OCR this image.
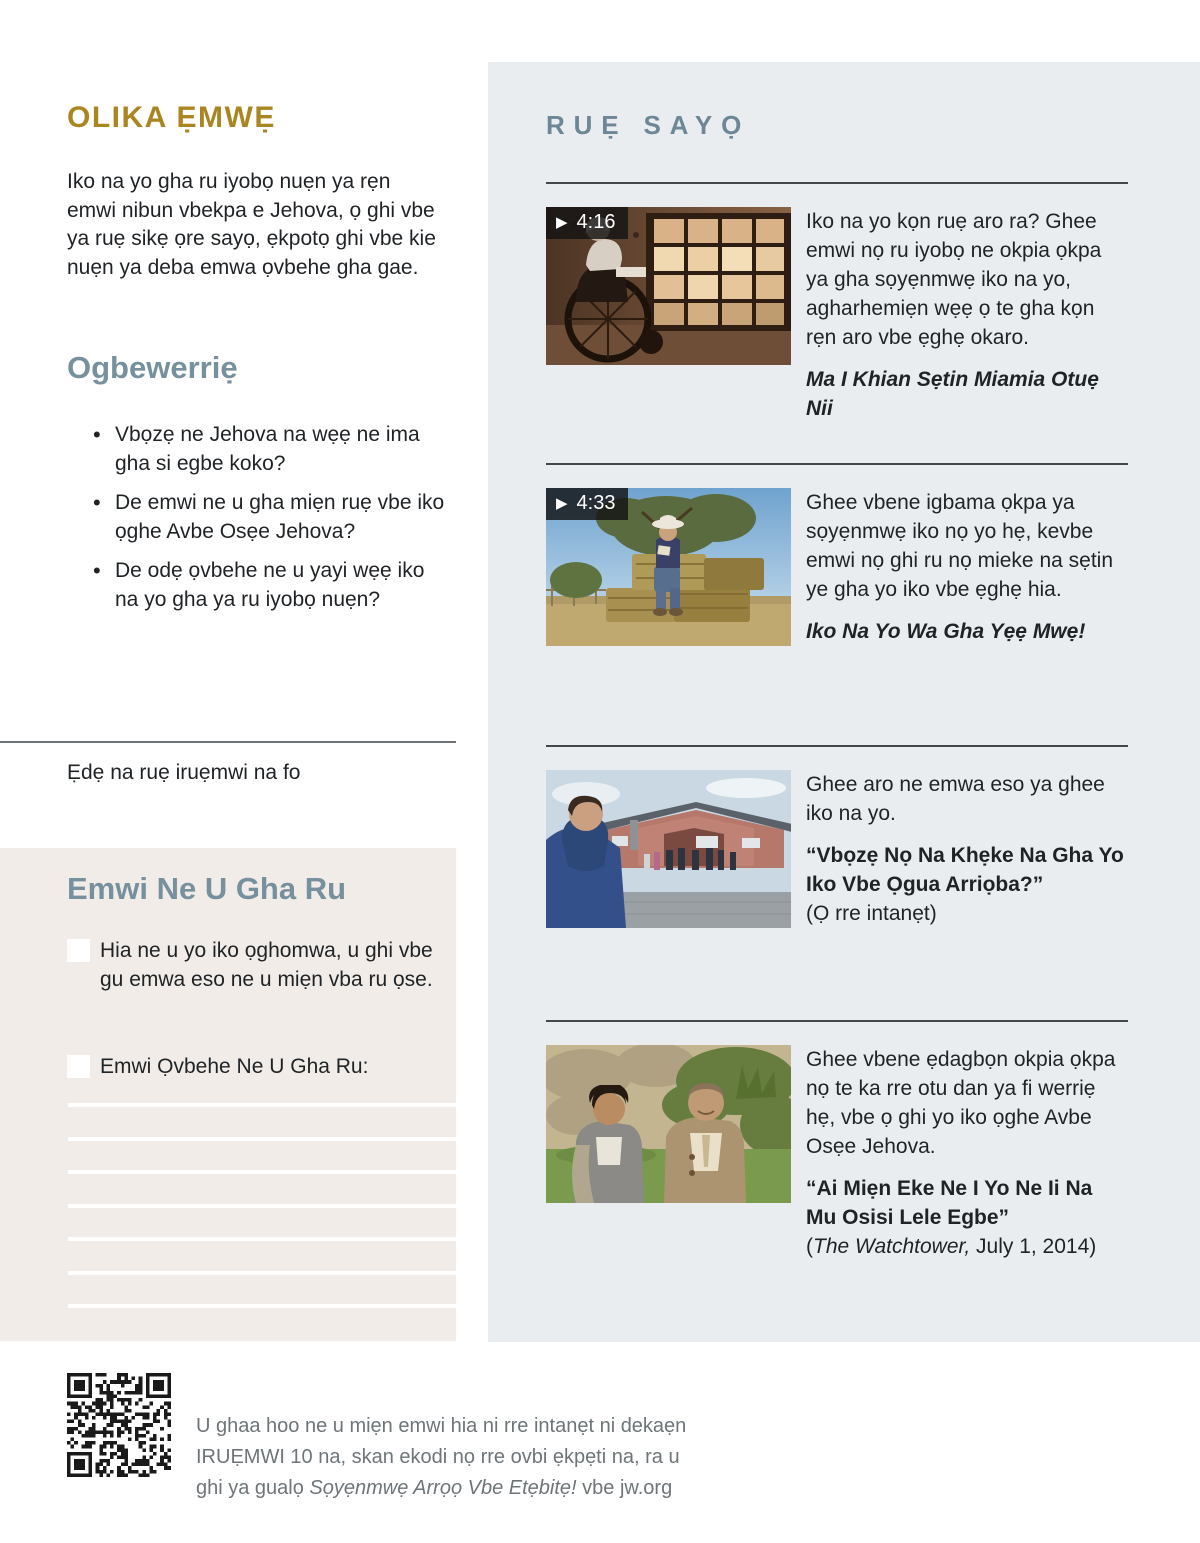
OLIKA ẸMWẸ

Iko na yo gha ru iyobọ nuẹn ya rẹn emwi nibun vbekpa e Jehova, ọ ghi vbe ya ruẹ sikẹ ọre sayọ, ẹkpotọ ghi vbe kie nuẹn ya deba emwa ọvbehe gha gae.

Ogbewerriẹ
• Vbọzẹ ne Jehova na wẹẹ ne ima gha si egbe koko?
• De emwi ne u gha miẹn ruẹ vbe iko ọghe Avbe Osẹe Jehova?
• De odẹ ọvbehe ne u yayi wẹẹ iko na yo gha ya ru iyobọ nuẹn?

Ẹdẹ na ruẹ iruẹmwi na fo

Emwi Ne U Gha Ru
Hia ne u yo iko ọghomwa, u ghi vbe gu emwa eso ne u miẹn vba ru ọse.
Emwi Ọvbehe Ne U Gha Ru:
RUẸ SAYỌ
▶ 4:16	Iko na yo kọn ruẹ aro ra? Ghee emwi nọ ru iyobọ ne okpia ọkpa ya gha sọyẹnmwẹ iko na yo, agharhemiẹn wẹẹ ọ te gha kọn rẹn aro vbe ẹghẹ okaro.

Ma I Khian Sẹtin Miamia Otuẹ Nii

▶ 4:33	Ghee vbene igbama ọkpa ya sọyẹnmwẹ iko nọ yo hẹ, kevbe emwi nọ ghi ru nọ mieke na sẹtin ye gha yo iko vbe ẹghẹ hia.

Iko Na Yo Wa Gha Yẹẹ Mwẹ!

Ghee aro ne emwa eso ya ghee iko na yo.

“Vbọzẹ Nọ Na Khẹke Na Gha Yo Iko Vbe Ọgua Arriọba?”

(Ọ rre intanẹt)

Ghee vbene ẹdagbọn okpia ọkpa nọ te ka rre otu dan ya fi werriẹ hẹ, vbe ọ ghi yo iko ọghe Avbe Osẹe Jehova.

“Ai Miẹn Eke Ne I Yo Ne Ii Na Mu Osisi Lele Egbe”

(The Watchtower, July 1, 2014)

U ghaa hoo ne u miẹn emwi hia ni rre intanẹt ni dekaẹn IRUẸMWI 10 na, skan ekodi nọ rre ovbi ẹkpẹti na, ra u ghi ya gualọ Sọyẹnmwẹ Arrọọ Vbe Etẹbitẹ! vbe jw.org
